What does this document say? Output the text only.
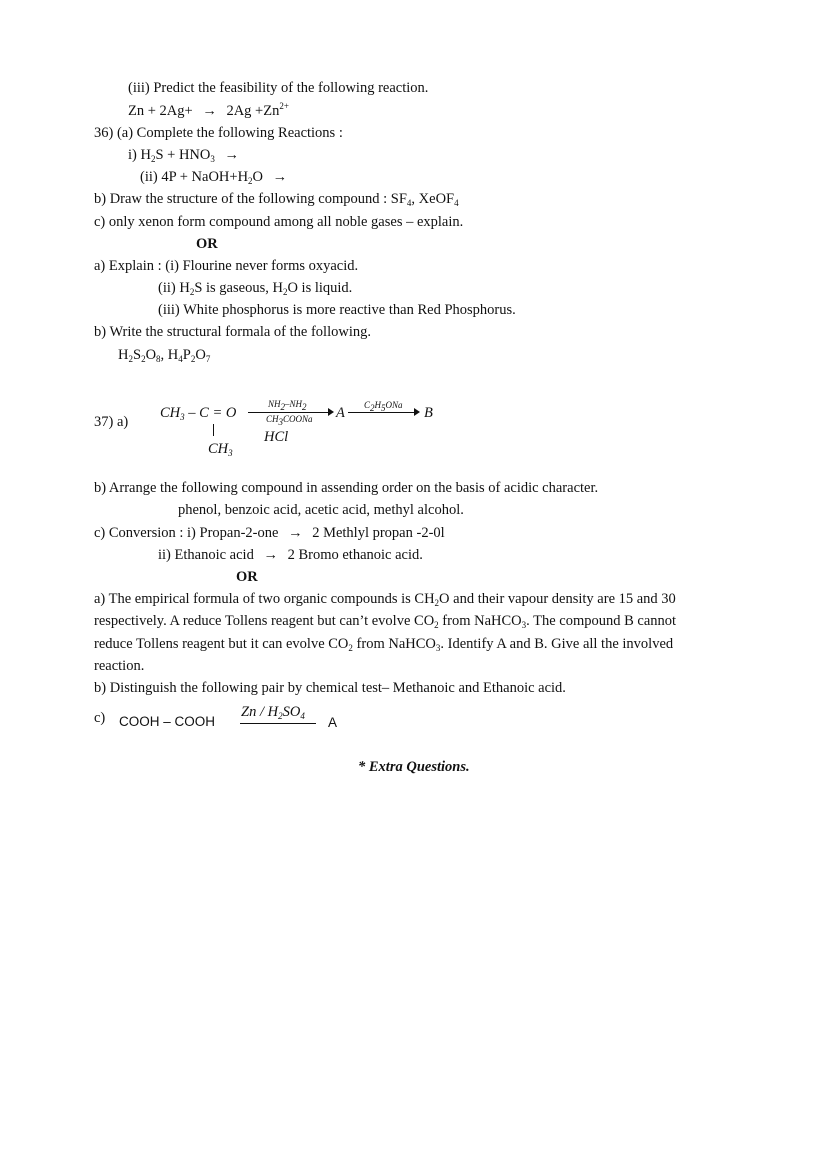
(iii) Predict the feasibility of the following reaction.
$Zn + 2Ag+ \to 2Ag +Zn^{2+}$
36) (a) Complete the following Reactions :
i) $H_2S + HNO_3$ →
(ii) $4P + NaOH+H_2O$ →
b) Draw the structure of the following compound : $SF_4$, XeOF$_4$
c) only xenon form compound among all noble gases – explain.
OR
a) Explain : (i) Flourine never forms oxyacid.
(ii) $H_2S$ is gaseous, $H_2O$ is liquid.
(iii) White phosphorus is more reactive than Red Phosphorus.
b) Write the structural formala of the following.
$H_2S_2O_8$, $H_4P_2O_7$
37) a)
$CH_3 - C = O$
$NH_2-NH_2$
$CH_3COONa$ A $C_2H_5ONa$ B
HCl
$CH_3$
b) Arrange the following compound in assending order on the basis of acidic character.
phenol, benzoic acid, acetic acid, methyl alcohol.
c) Conversion : i) Propan-2-one → 2 Methlyl propan -2-0l
ii) Ethanoic acid → 2 Bromo ethanoic acid.
OR
a) The empirical formula of two organic compounds is $CH_2O$ and their vapour density are 15 and 30
respectively. A reduce Tollens reagent but can’t evolve $CO_2$ from NaHCO$_3$. The compound B cannot
reduce Tollens reagent but it can evolve $CO_2$ from NaHCO$_3$. Identify A and B. Give all the involved
reaction.
b) Distinguish the following pair by chemical test– Methanoic and Ethanoic acid.
c) COOH – COOH
Zn / $H_2SO_4$ A
* Extra Questions.
